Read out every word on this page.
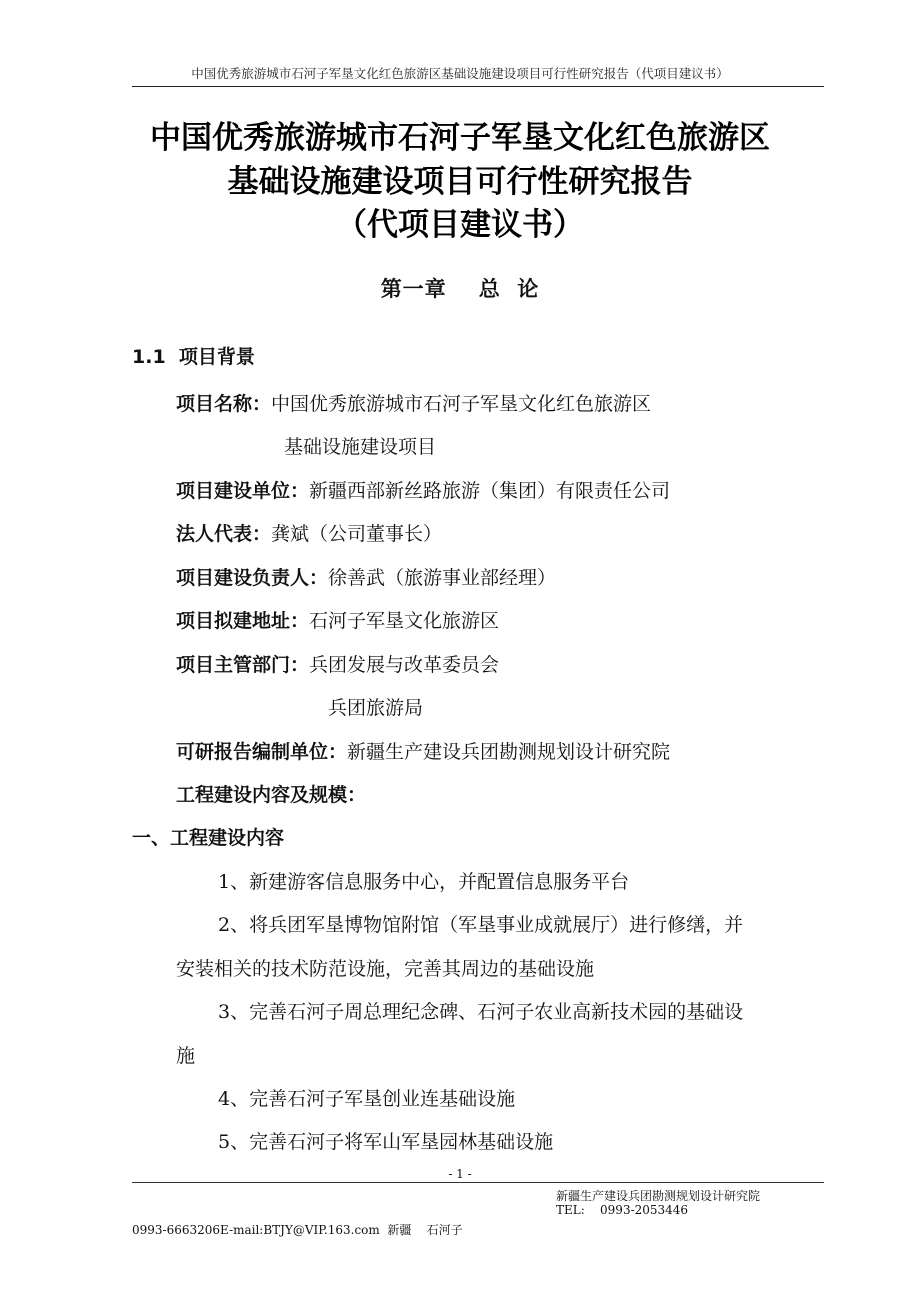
中国优秀旅游城市石河子军垦文化红色旅游区基础设施建设项目可行性研究报告（代项目建议书）
中国优秀旅游城市石河子军垦文化红色旅游区
基础设施建设项目可行性研究报告
（代项目建议书）
第一章 总  论
1.1  项目背景
项目名称：中国优秀旅游城市石河子军垦文化红色旅游区
基础设施建设项目
项目建设单位：新疆西部新丝路旅游（集团）有限责任公司
法人代表：龚斌（公司董事长）
项目建设负责人：徐善武（旅游事业部经理）
项目拟建地址：石河子军垦文化旅游区
项目主管部门：兵团发展与改革委员会
兵团旅游局
可研报告编制单位：新疆生产建设兵团勘测规划设计研究院
工程建设内容及规模：
一、工程建设内容
1、新建游客信息服务中心，并配置信息服务平台
2、将兵团军垦博物馆附馆（军垦事业成就展厅）进行修缮，并
安装相关的技术防范设施，完善其周边的基础设施
3、完善石河子周总理纪念碑、石河子农业高新技术园的基础设
施
4、完善石河子军垦创业连基础设施
5、完善石河子将军山军垦园林基础设施
- 1 -
新疆生产建设兵团勘测规划设计研究院
TEL:    0993-2053446
0993-6663206E-mail:BTJY@VIP.163.com  新疆    石河子
